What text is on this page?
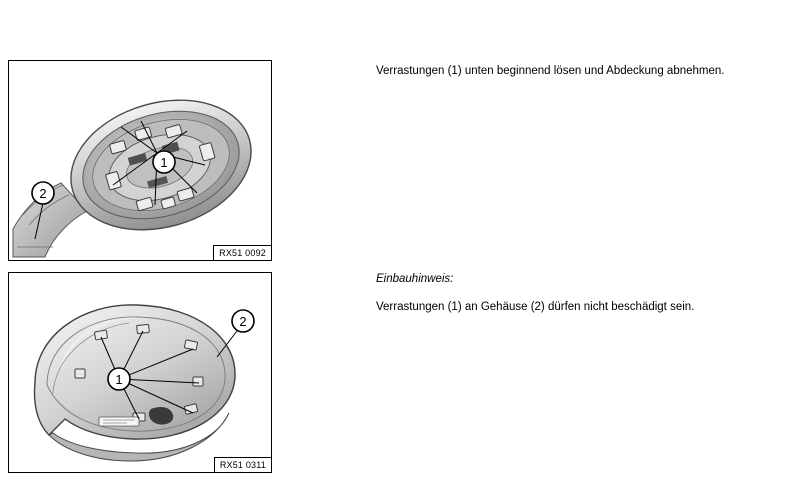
1
2
RX51 0092
1
2
RX51 0311
Verrastungen (1) unten beginnend lösen und Abdeckung abnehmen.
Einbauhinweis:
Verrastungen (1) an Gehäuse (2) dürfen nicht beschädigt sein.
